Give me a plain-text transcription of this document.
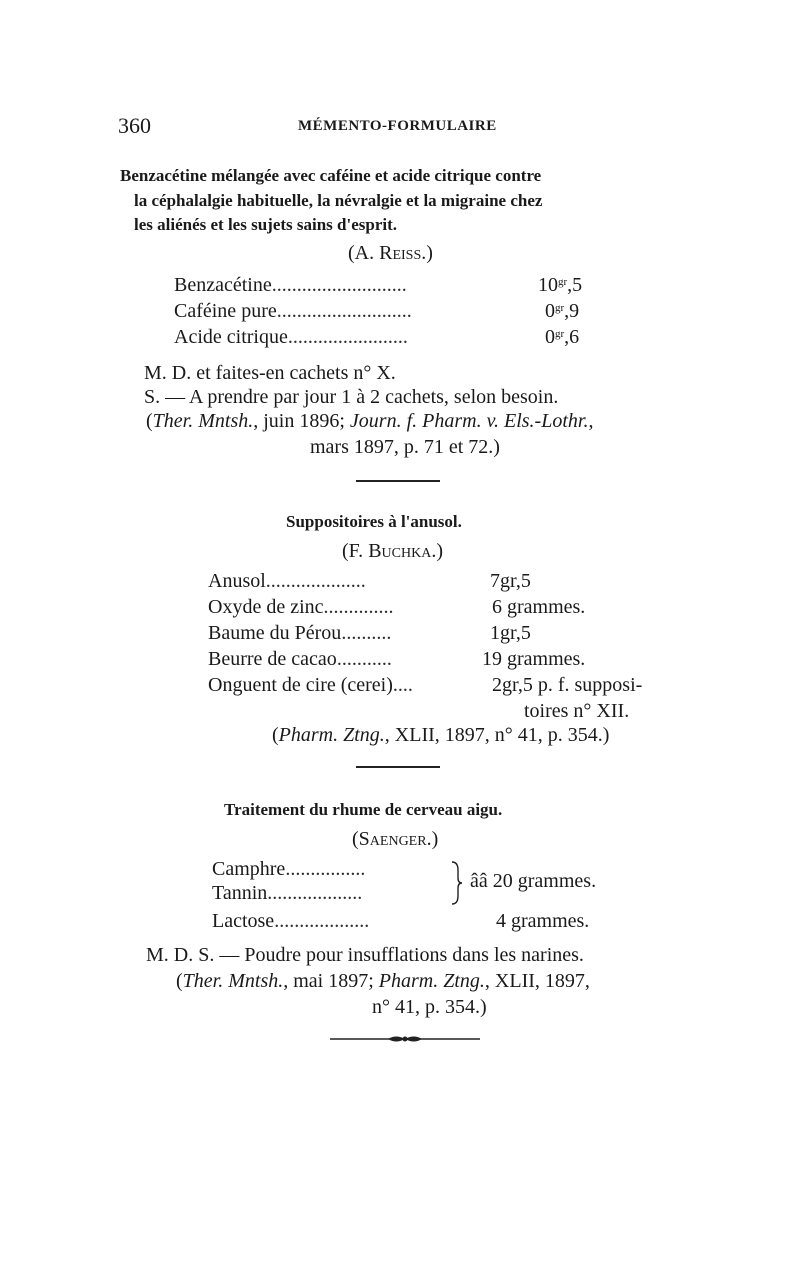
360	MÉMENTO-FORMULAIRE
Benzacétine mélangée avec caféine et acide citrique contre
la céphalalgie habituelle, la névralgie et la migraine chez
les aliénés et les sujets sains d'esprit.
(A. Reiss.)
Benzacétine...........................	$10^{gr},5$
Caféine pure...........................	$0^{gr},9$
Acide citrique........................	$0^{gr},6$
M. D. et faites-en cachets n° X.
S. — A prendre par jour 1 à 2 cachets, selon besoin.
(Ther. Mntsh., juin 1896; Journ. f. Pharm. v. Els.-Lothr.,
mars 1897, p. 71 et 72.)
Suppositoires à l'anusol.
(F. Buchka.)
Anusol....................	7gr,5
Oxyde de zinc..............	6 grammes.
Baume du Pérou..........	1gr,5
Beurre de cacao...........	19 grammes.
Onguent de cire (cerei)....	2gr,5 p. f. supposi-
toires n° XII.
(Pharm. Ztng., XLII, 1897, n° 41, p. 354.)
Traitement du rhume de cerveau aigu.
(Saenger.)
Camphre................
Tannin...................
ââ 20 grammes.
Lactose...................	4 grammes.
M. D. S. — Poudre pour insufflations dans les narines.
(Ther. Mntsh., mai 1897; Pharm. Ztng., XLII, 1897,
n° 41, p. 354.)
